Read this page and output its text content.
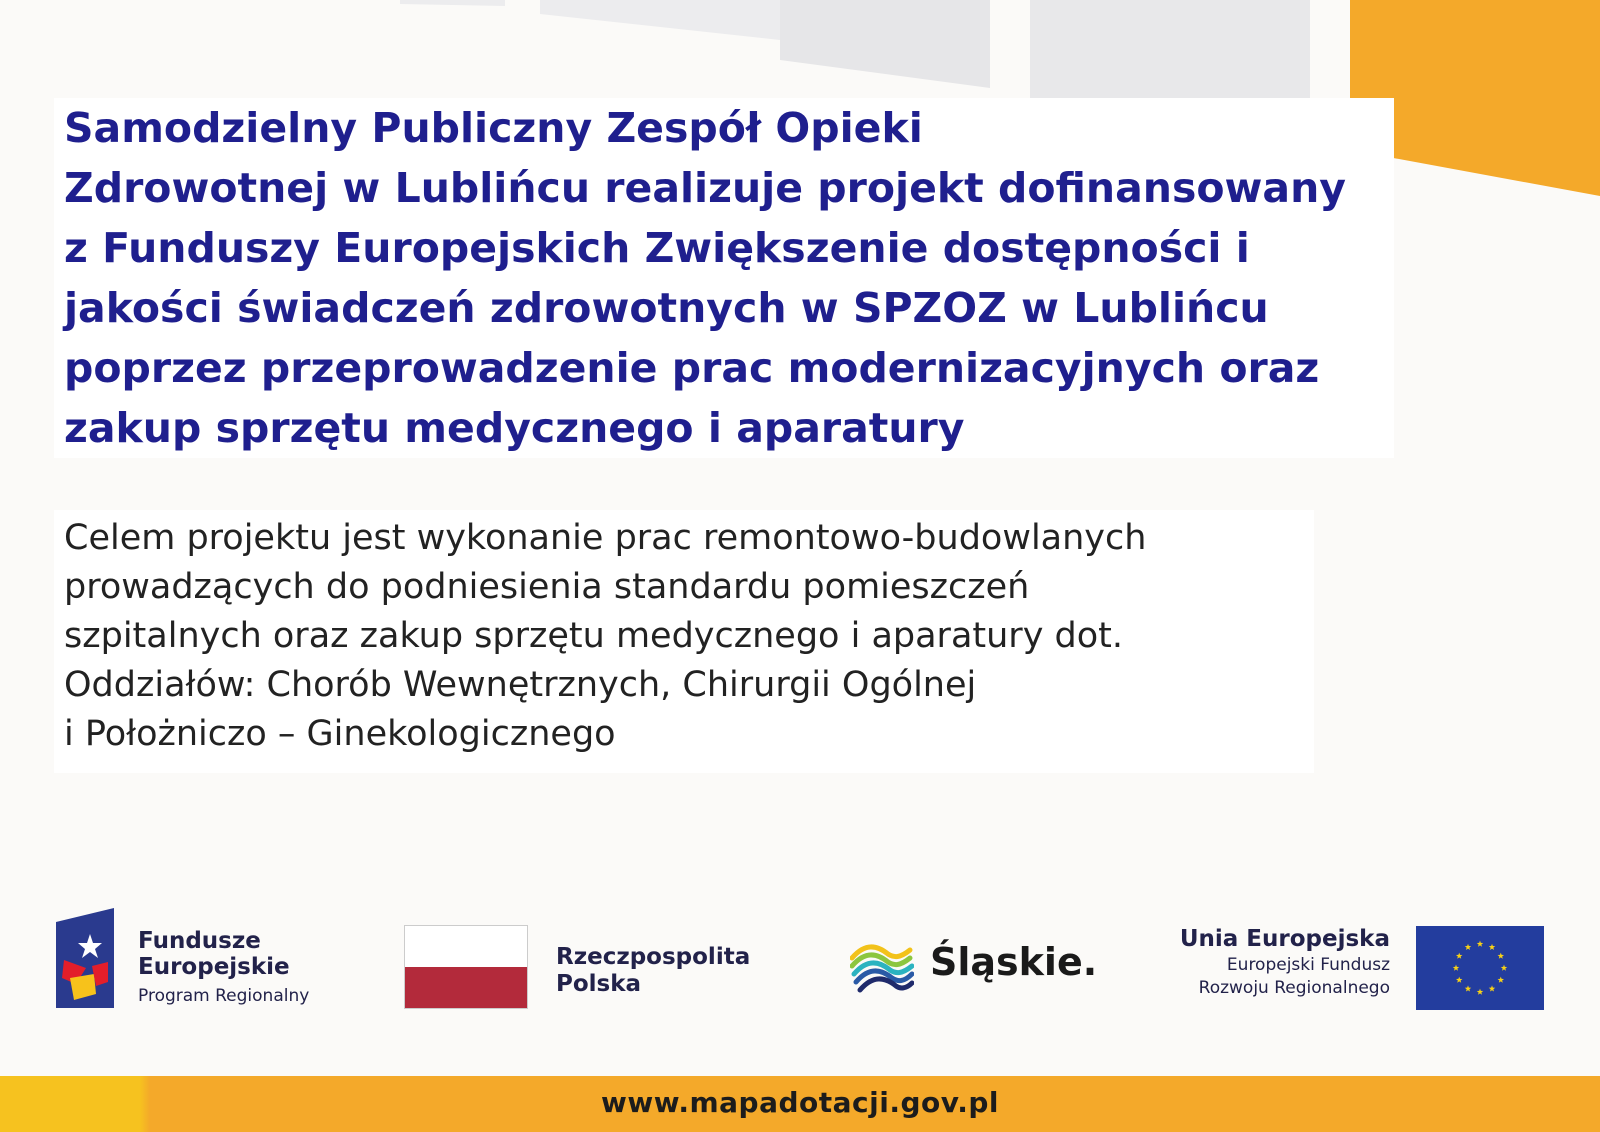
Samodzielny Publiczny Zespół Opieki
Zdrowotnej w Lublińcu realizuje projekt dofinansowany
z Funduszy Europejskich Zwiększenie dostępności i
jakości świadczeń zdrowotnych w SPZOZ w Lublińcu
poprzez przeprowadzenie prac modernizacyjnych oraz
zakup sprzętu medycznego i aparatury

Celem projektu jest wykonanie prac remontowo-budowlanych
prowadzących do podniesienia standardu pomieszczeń
szpitalnych oraz zakup sprzętu medycznego i aparatury dot.
Oddziałów: Chorób Wewnętrznych, Chirurgii Ogólnej
i Położniczo – Ginekologicznego

Fundusze
Europejskie
Program Regionalny
Rzeczpospolita
Polska	Śląskie.
Unia Europejska
Europejski Fundusz
Rozwoju Regionalnego
www.mapadotacji.gov.pl
